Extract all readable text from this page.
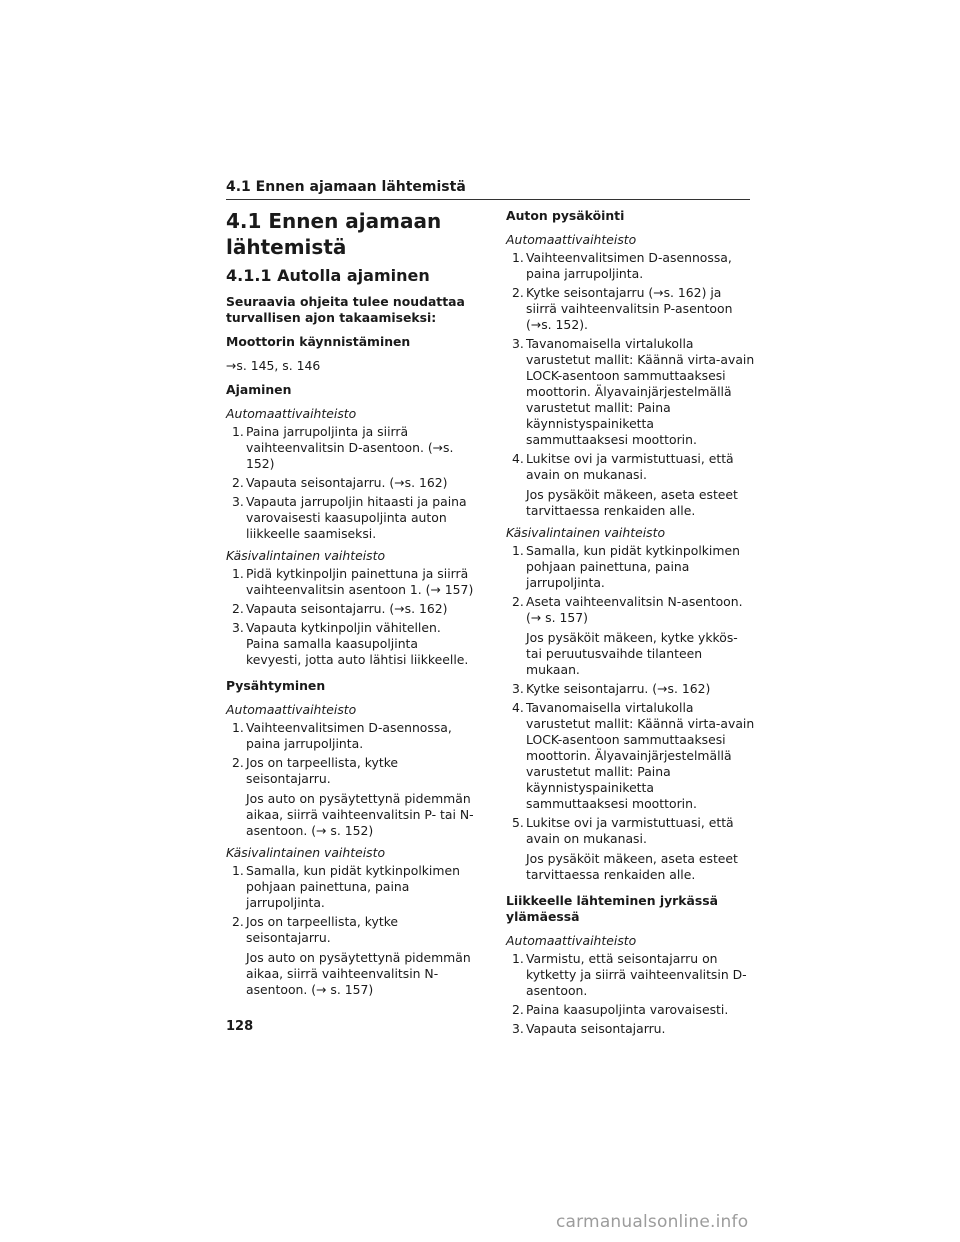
4.1 Ennen ajamaan lähtemistä
4.1 Ennen ajamaan lähtemistä
4.1.1 Autolla ajaminen
Seuraavia ohjeita tulee noudattaa turvallisen ajon takaamiseksi:
Moottorin käynnistäminen
→s. 145, s. 146
Ajaminen
Automaattivaihteisto
1. Paina jarrupoljinta ja siirrä vaihteenvalitsin D-asentoon. (→s. 152)
2. Vapauta seisontajarru. (→s. 162)
3. Vapauta jarrupoljin hitaasti ja paina varovaisesti kaasupoljinta auton liikkeelle saamiseksi.
Käsivalintainen vaihteisto
1. Pidä kytkinpoljin painettuna ja siirrä vaihteenvalitsin asentoon 1. (→ 157)
2. Vapauta seisontajarru. (→s. 162)
3. Vapauta kytkinpoljin vähitellen. Paina samalla kaasupoljinta kevyesti, jotta auto lähtisi liikkeelle.
Pysähtyminen
Automaattivaihteisto
1. Vaihteenvalitsimen D-asennossa, paina jarrupoljinta.
2. Jos on tarpeellista, kytke seisontajarru.
Jos auto on pysäytettynä pidemmän aikaa, siirrä vaihteenvalitsin P- tai N-asentoon. (→ s. 152)
Käsivalintainen vaihteisto
1. Samalla, kun pidät kytkinpolkimen pohjaan painettuna, paina jarrupoljinta.
2. Jos on tarpeellista, kytke seisontajarru.
Jos auto on pysäytettynä pidemmän aikaa, siirrä vaihteenvalitsin N-asentoon. (→ s. 157)
Auton pysäköinti
Automaattivaihteisto
1. Vaihteenvalitsimen D-asennossa, paina jarrupoljinta.
2. Kytke seisontajarru (→s. 162) ja siirrä vaihteenvalitsin P-asentoon (→s. 152).
3. Tavanomaisella virtalukolla varustetut mallit: Käännä virta-avain LOCK-asentoon sammuttaaksesi moottorin. Älyavainjärjestelmällä varustetut mallit: Paina käynnistyspainiketta sammuttaaksesi moottorin.
4. Lukitse ovi ja varmistuttuasi, että avain on mukanasi.
Jos pysäköit mäkeen, aseta esteet tarvittaessa renkaiden alle.
Käsivalintainen vaihteisto
1. Samalla, kun pidät kytkinpolkimen pohjaan painettuna, paina jarrupoljinta.
2. Aseta vaihteenvalitsin N-asentoon. (→ s. 157)
Jos pysäköit mäkeen, kytke ykkös- tai peruutusvaihde tilanteen mukaan.
3. Kytke seisontajarru. (→s. 162)
4. Tavanomaisella virtalukolla varustetut mallit: Käännä virta-avain LOCK-asentoon sammuttaaksesi moottorin. Älyavainjärjestelmällä varustetut mallit: Paina käynnistyspainiketta sammuttaaksesi moottorin.
5. Lukitse ovi ja varmistuttuasi, että avain on mukanasi.
Jos pysäköit mäkeen, aseta esteet tarvittaessa renkaiden alle.
Liikkeelle lähteminen jyrkässä ylämäessä
Automaattivaihteisto
1. Varmistu, että seisontajarru on kytketty ja siirrä vaihteenvalitsin D-asentoon.
2. Paina kaasupoljinta varovaisesti.
3. Vapauta seisontajarru.
128
carmanualsonline.info
